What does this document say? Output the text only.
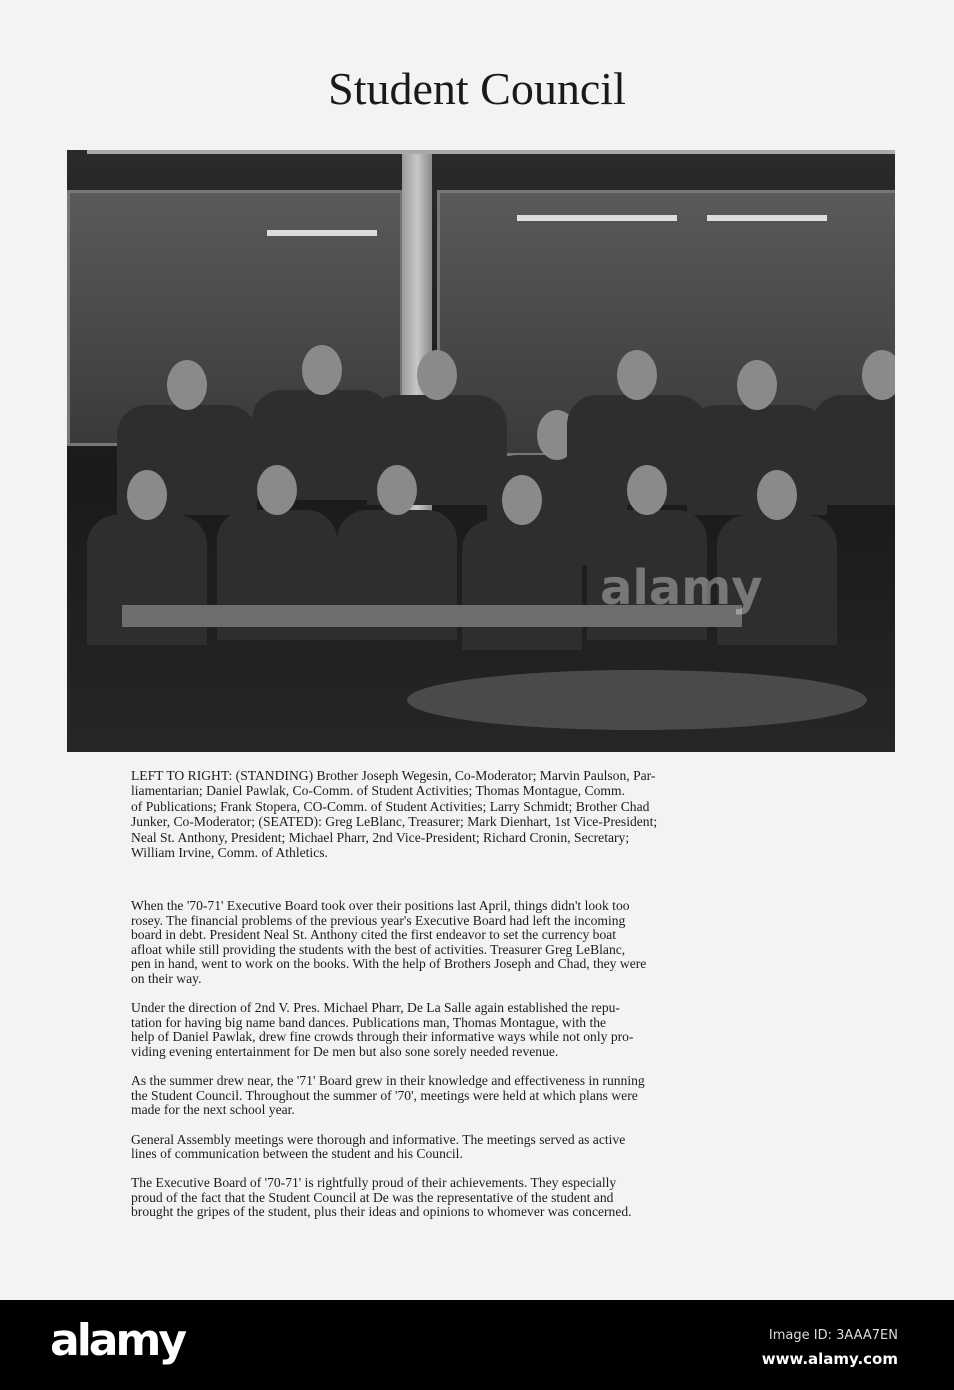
Student Council
alamy
LEFT TO RIGHT: (STANDING) Brother Joseph Wegesin, Co-Moderator; Marvin Paulson, Par-
liamentarian; Daniel Pawlak, Co-Comm. of Student Activities; Thomas Montague, Comm.
of Publications; Frank Stopera, CO-Comm. of Student Activities; Larry Schmidt; Brother Chad
Junker, Co-Moderator; (SEATED): Greg LeBlanc, Treasurer; Mark Dienhart, 1st Vice-President;
Neal St. Anthony, President; Michael Pharr, 2nd Vice-President; Richard Cronin, Secretary;
William Irvine, Comm. of Athletics.
When the '70-71' Executive Board took over their positions last April, things didn't look too
rosey. The financial problems of the previous year's Executive Board had left the incoming
board in debt. President Neal St. Anthony cited the first endeavor to set the currency boat
afloat while still providing the students with the best of activities. Treasurer Greg LeBlanc,
pen in hand, went to work on the books. With the help of Brothers Joseph and Chad, they were
on their way.
Under the direction of 2nd V. Pres. Michael Pharr, De La Salle again established the repu-
tation for having big name band dances. Publications man, Thomas Montague, with the
help of Daniel Pawlak, drew fine crowds through their informative ways while not only pro-
viding evening entertainment for De men but also sone sorely needed revenue.
As the summer drew near, the '71' Board grew in their knowledge and effectiveness in running
the Student Council. Throughout the summer of '70', meetings were held at which plans were
made for the next school year.
General Assembly meetings were thorough and informative. The meetings served as active
lines of communication between the student and his Council.
The Executive Board of '70-71' is rightfully proud of their achievements. They especially
proud of the fact that the Student Council at De was the representative of the student and
brought the gripes of the student, plus their ideas and opinions to whomever was concerned.
alamy	Image ID: 3AAA7EN
www.alamy.com
